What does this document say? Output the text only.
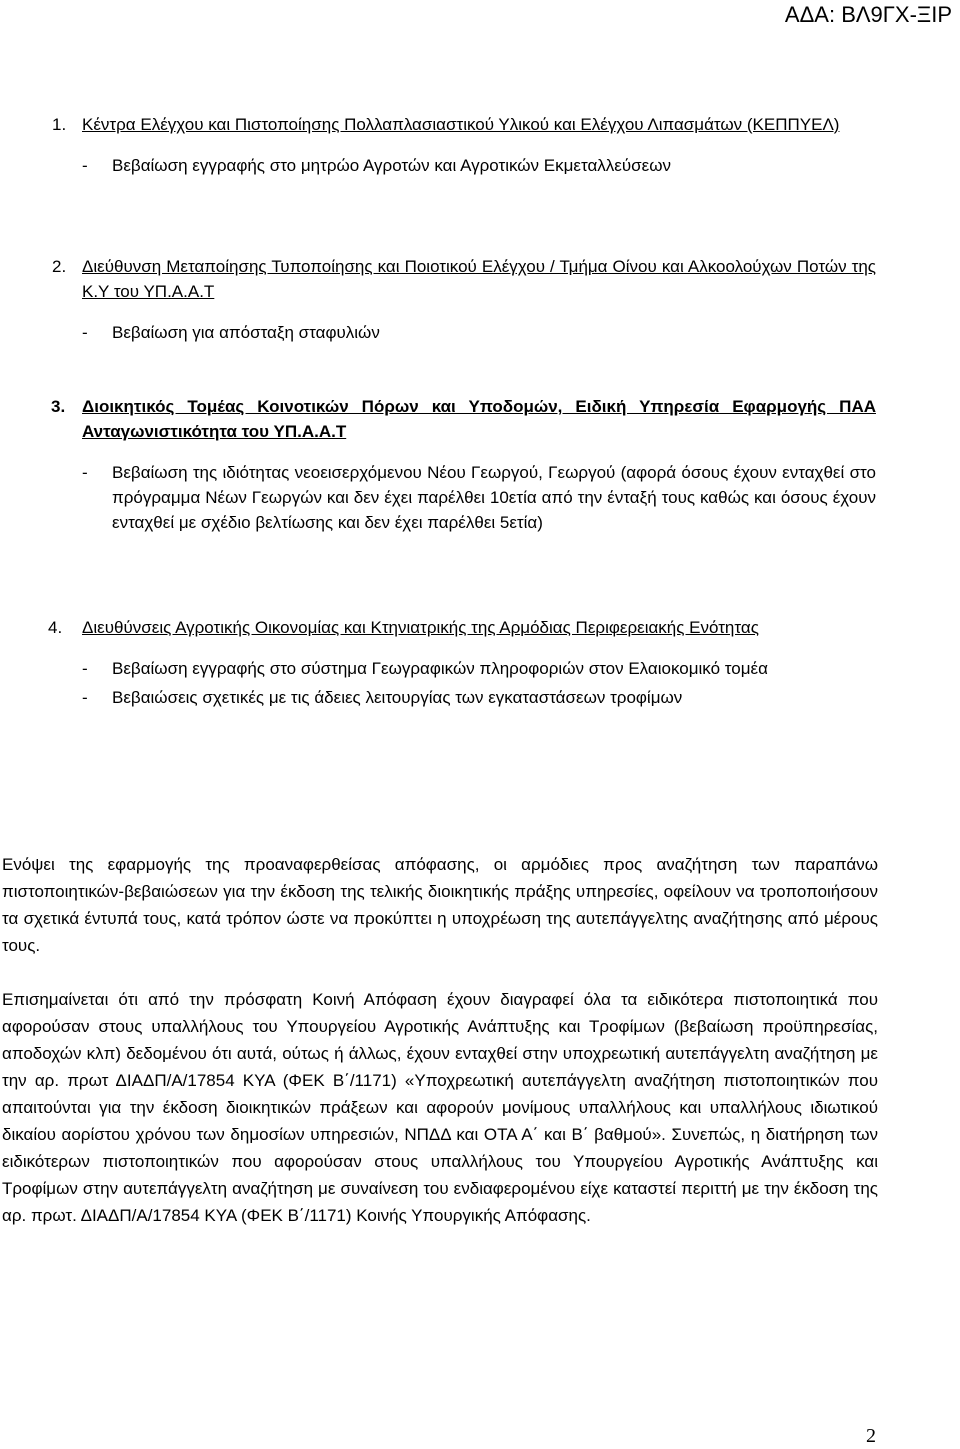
ΑΔΑ: ΒΛ9ΓΧ-ΞΙΡ
1. Κέντρα Ελέγχου και Πιστοποίησης Πολλαπλασιαστικού Υλικού και Ελέγχου Λιπασμάτων (ΚΕΠΠΥΕΛ)
- Βεβαίωση εγγραφής στο μητρώο Αγροτών και Αγροτικών Εκμεταλλεύσεων
2. Διεύθυνση Μεταποίησης Τυποποίησης και Ποιοτικού Ελέγχου / Τμήμα Οίνου και Αλκοολούχων Ποτών της Κ.Υ του ΥΠ.Α.Α.Τ
- Βεβαίωση για απόσταξη σταφυλιών
3. Διοικητικός Τομέας Κοινοτικών Πόρων και Υποδομών, Ειδική Υπηρεσία Εφαρμογής ΠΑΑ Ανταγωνιστικότητα του ΥΠ.Α.Α.Τ
- Βεβαίωση της ιδιότητας νεοεισερχόμενου Νέου Γεωργού, Γεωργού (αφορά όσους έχουν ενταχθεί στο πρόγραμμα Νέων Γεωργών και δεν έχει παρέλθει 10ετία από την ένταξή τους καθώς και όσους έχουν ενταχθεί με σχέδιο βελτίωσης και δεν έχει παρέλθει 5ετία)
4. Διευθύνσεις Αγροτικής Οικονομίας και Κτηνιατρικής της Αρμόδιας Περιφερειακής Ενότητας
- Βεβαίωση εγγραφής στο σύστημα Γεωγραφικών πληροφοριών στον Ελαιοκομικό τομέα
- Βεβαιώσεις σχετικές με τις άδειες λειτουργίας των εγκαταστάσεων τροφίμων
Ενόψει της εφαρμογής της προαναφερθείσας απόφασης, οι αρμόδιες προς αναζήτηση των παραπάνω πιστοποιητικών-βεβαιώσεων για την έκδοση της τελικής διοικητικής πράξης υπηρεσίες, οφείλουν να τροποποιήσουν τα σχετικά έντυπά τους, κατά τρόπον ώστε να προκύπτει η υποχρέωση της αυτεπάγγελτης αναζήτησης από μέρους τους.
Επισημαίνεται ότι από την πρόσφατη Κοινή Απόφαση έχουν διαγραφεί όλα τα ειδικότερα πιστοποιητικά που αφορούσαν στους υπαλλήλους του Υπουργείου Αγροτικής Ανάπτυξης και Τροφίμων (βεβαίωση προϋπηρεσίας, αποδοχών κλπ) δεδομένου ότι αυτά, ούτως ή άλλως, έχουν ενταχθεί στην υποχρεωτική αυτεπάγγελτη αναζήτηση με την αρ. πρωτ ΔΙΑΔΠ/Α/17854 ΚΥΑ (ΦΕΚ Β΄/1171) «Υποχρεωτική αυτεπάγγελτη αναζήτηση πιστοποιητικών που απαιτούνται για την έκδοση διοικητικών πράξεων και αφορούν μονίμους υπαλλήλους και υπαλλήλους ιδιωτικού δικαίου αορίστου χρόνου των δημοσίων υπηρεσιών, ΝΠΔΔ και ΟΤΑ Α΄ και Β΄ βαθμού». Συνεπώς, η διατήρηση των ειδικότερων πιστοποιητικών που αφορούσαν στους υπαλλήλους του Υπουργείου Αγροτικής Ανάπτυξης και Τροφίμων στην αυτεπάγγελτη αναζήτηση με συναίνεση του ενδιαφερομένου είχε καταστεί περιττή με την έκδοση της αρ. πρωτ. ΔΙΑΔΠ/Α/17854 ΚΥΑ (ΦΕΚ Β΄/1171) Κοινής Υπουργικής Απόφασης.
2
